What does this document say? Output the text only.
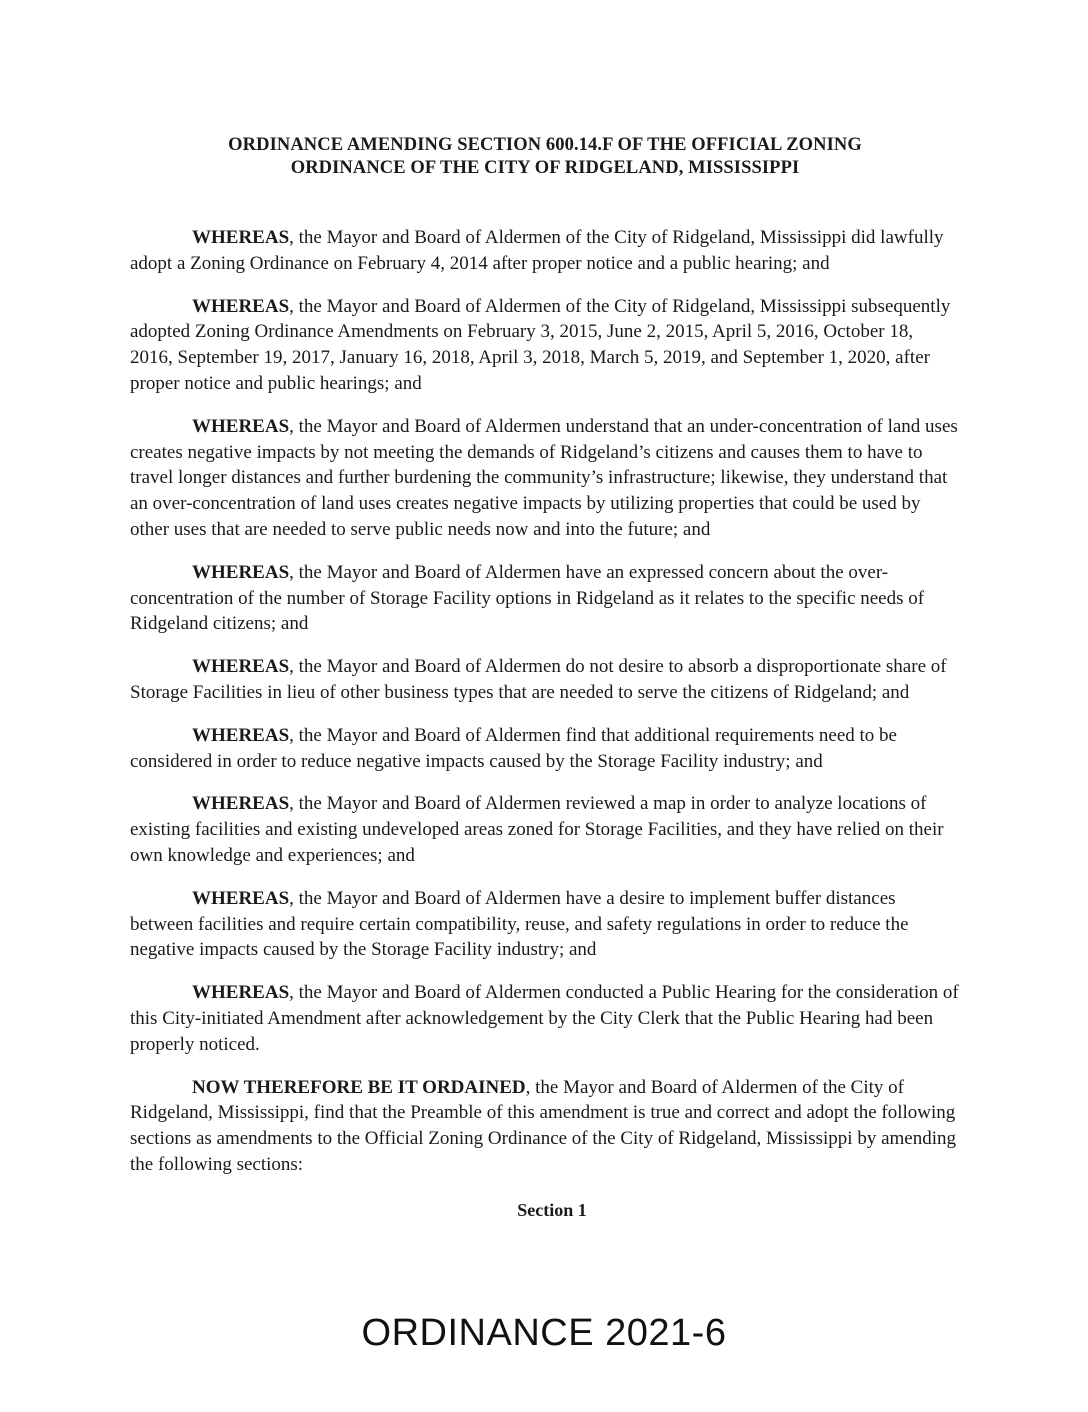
ORDINANCE AMENDING SECTION 600.14.F OF THE OFFICIAL ZONING
ORDINANCE OF THE CITY OF RIDGELAND, MISSISSIPPI

WHEREAS, the Mayor and Board of Aldermen of the City of Ridgeland, Mississippi did lawfully adopt a Zoning Ordinance on February 4, 2014 after proper notice and a public hearing; and

WHEREAS, the Mayor and Board of Aldermen of the City of Ridgeland, Mississippi subsequently adopted Zoning Ordinance Amendments on February 3, 2015, June 2, 2015, April 5, 2016, October 18, 2016, September 19, 2017, January 16, 2018, April 3, 2018, March 5, 2019, and September 1, 2020, after proper notice and public hearings; and

WHEREAS, the Mayor and Board of Aldermen understand that an under-concentration of land uses creates negative impacts by not meeting the demands of Ridgeland’s citizens and causes them to have to travel longer distances and further burdening the community’s infrastructure; likewise, they understand that an over-concentration of land uses creates negative impacts by utilizing properties that could be used by other uses that are needed to serve public needs now and into the future; and

WHEREAS, the Mayor and Board of Aldermen have an expressed concern about the over-concentration of the number of Storage Facility options in Ridgeland as it relates to the specific needs of Ridgeland citizens; and

WHEREAS, the Mayor and Board of Aldermen do not desire to absorb a disproportionate share of Storage Facilities in lieu of other business types that are needed to serve the citizens of Ridgeland; and

WHEREAS, the Mayor and Board of Aldermen find that additional requirements need to be considered in order to reduce negative impacts caused by the Storage Facility industry; and

WHEREAS, the Mayor and Board of Aldermen reviewed a map in order to analyze locations of existing facilities and existing undeveloped areas zoned for Storage Facilities, and they have relied on their own knowledge and experiences; and

WHEREAS, the Mayor and Board of Aldermen have a desire to implement buffer distances between facilities and require certain compatibility, reuse, and safety regulations in order to reduce the negative impacts caused by the Storage Facility industry; and

WHEREAS, the Mayor and Board of Aldermen conducted a Public Hearing for the consideration of this City-initiated Amendment after acknowledgement by the City Clerk that the Public Hearing had been properly noticed.

NOW THEREFORE BE IT ORDAINED, the Mayor and Board of Aldermen of the City of Ridgeland, Mississippi, find that the Preamble of this amendment is true and correct and adopt the following sections as amendments to the Official Zoning Ordinance of the City of Ridgeland, Mississippi by amending the following sections:

Section 1
ORDINANCE 2021-6
